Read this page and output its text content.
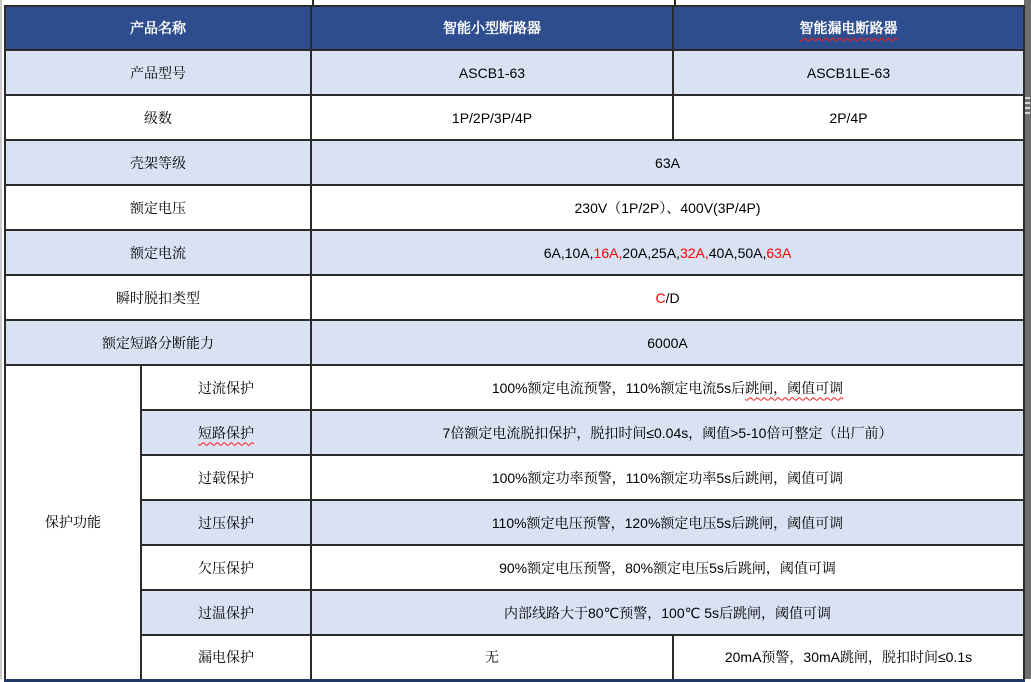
产品名称		智能小型断路器	智能漏电断路器
产品型号		ASCB1-63	ASCB1LE-63
级数		1P/2P/3P/4P	2P/4P
壳架等级		63A	
额定电压		230V（1P/2P）、400V(3P/4P)	
额定电流		6A,10A,16A,20A,25A,32A,40A,50A,63A	
瞬时脱扣类型		C/D	
额定短路分断能力		6000A	
保护功能	过流保护	100%额定电流预警，110%额定电流5s后跳闸，阈值可调	
	短路保护	7倍额定电流脱扣保护，脱扣时间≤0.04s，阈值>5-10倍可整定（出厂前）	
	过载保护	100%额定功率预警，110%额定功率5s后跳闸，阈值可调	
	过压保护	110%额定电压预警，120%额定电压5s后跳闸，阈值可调	
	欠压保护	90%额定电压预警，80%额定电压5s后跳闸，阈值可调	
	过温保护	内部线路大于80℃预警，100℃ 5s后跳闸，阈值可调	
	漏电保护	无	20mA预警，30mA跳闸，脱扣时间≤0.1s
